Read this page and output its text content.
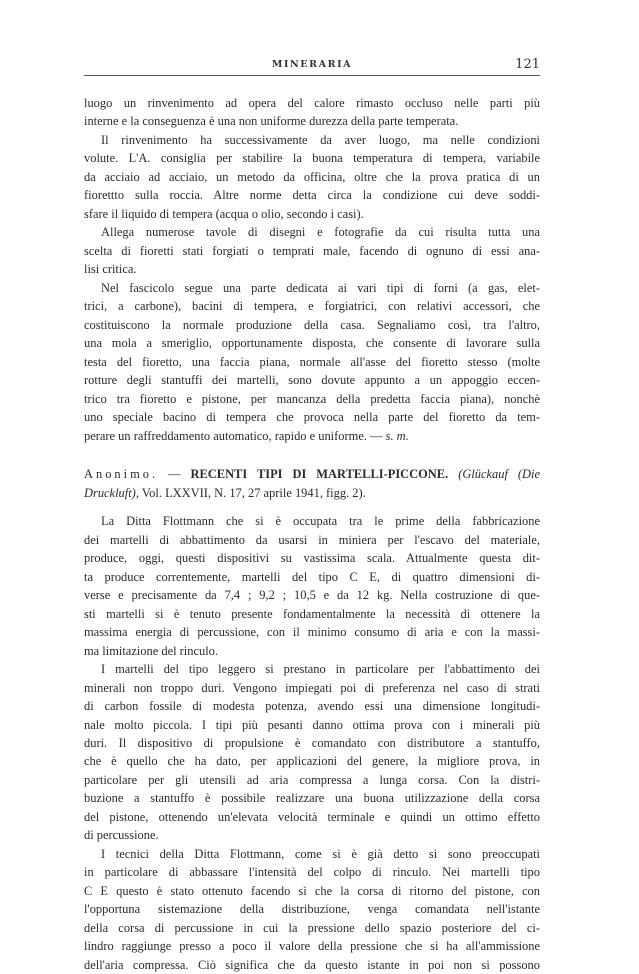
MINERARIA	121
luogo un rinvenimento ad opera del calore rimasto occluso nelle parti più
interne e la conseguenza è una non uniforme durezza della parte temperata.
Il rinvenimento ha successivamente da aver luogo, ma nelle condizioni
volute. L'A. consiglia per stabilire la buona temperatura di tempera, variabile
da acciaio ad acciaio, un metodo da officina, oltre che la prova pratica di un
fiorettto sulla roccia. Altre norme detta circa la condizione cui deve soddi-
sfare il liquido di tempera (acqua o olio, secondo i casi).
Allega numerose tavole di disegni e fotografie da cui risulta tutta una
scelta di fioretti stati forgiati o temprati male, facendo di ognuno di essi ana-
lisi critica.
Nel fascicolo segue una parte dedicata ai vari tipi di forni (a gas, elet-
trici, a carbone), bacini di tempera, e forgiatrici, con relativi accessori, che
costituiscono la normale produzione della casa. Segnaliamo così, tra l'altro,
una mola a smeriglio, opportunamente disposta, che consente di lavorare sulla
testa del fioretto, una faccia piana, normale all'asse del fioretto stesso (molte
rotture degli stantuffi dei martelli, sono dovute appunto a un appoggio eccen-
trico tra fioretto e pistone, per mancanza della predetta faccia piana), nonchè
uno speciale bacino di tempera che provoca nella parte del fioretto da tem-
perare un raffreddamento automatico, rapido e uniforme. — s. m.
Anonimo. — RECENTI TIPI DI MARTELLI-PICCONE. (Glückauf (Die
Druckluft), Vol. LXXVII, N. 17, 27 aprile 1941, figg. 2).
La Ditta Flottmann che si è occupata tra le prime della fabbricazione
dei martelli di abbattimento da usarsi in miniera per l'escavo del materiale,
produce, oggi, questi dispositivi su vastissima scala. Attualmente questa dit-
ta produce correntemente, martelli del tipo C E, di quattro dimensioni di-
verse e precisamente da 7,4 ; 9,2 ; 10,5 e da 12 kg. Nella costruzione di que-
sti martelli si è tenuto presente fondamentalmente la necessità di ottenere la
massima energia di percussione, con il minimo consumo di aria e con la massi-
ma limitazione del rinculo.
I martelli del tipo leggero si prestano in particolare per l'abbattimento dei
minerali non troppo duri. Vengono impiegati poi di preferenza nel caso di strati
di carbon fossile di modesta potenza, avendo essi una dimensione longitudi-
nale molto piccola. I tipi più pesanti danno ottima prova con i minerali più
duri. Il dispositivo di propulsione è comandato con distributore a stantuffo,
che è quello che ha dato, per applicazioni del genere, la migliore prova, in
particolare per gli utensili ad aria compressa a lunga corsa. Con la distri-
buzione a stantuffo è possibile realizzare una buona utilizzazione della corsa
del pistone, ottenendo un'elevata velocità terminale e quindi un ottimo effetto
di percussione.
I tecnici della Ditta Flottmann, come si è già detto si sono preoccupati
in particolare di abbassare l'intensità del colpo di rinculo. Nei martelli tipo
C E questo è stato ottenuto facendo sì che la corsa di ritorno del pistone, con
l'opportuna sistemazione della distribuzione, venga comandata nell'istante
della corsa di percussione in cui la pressione dello spazio posteriore del ci-
lindro raggiunge presso a poco il valore della pressione che si ha all'ammissione
dell'aria compressa. Ciò significa che da questo istante in poi non si possono
